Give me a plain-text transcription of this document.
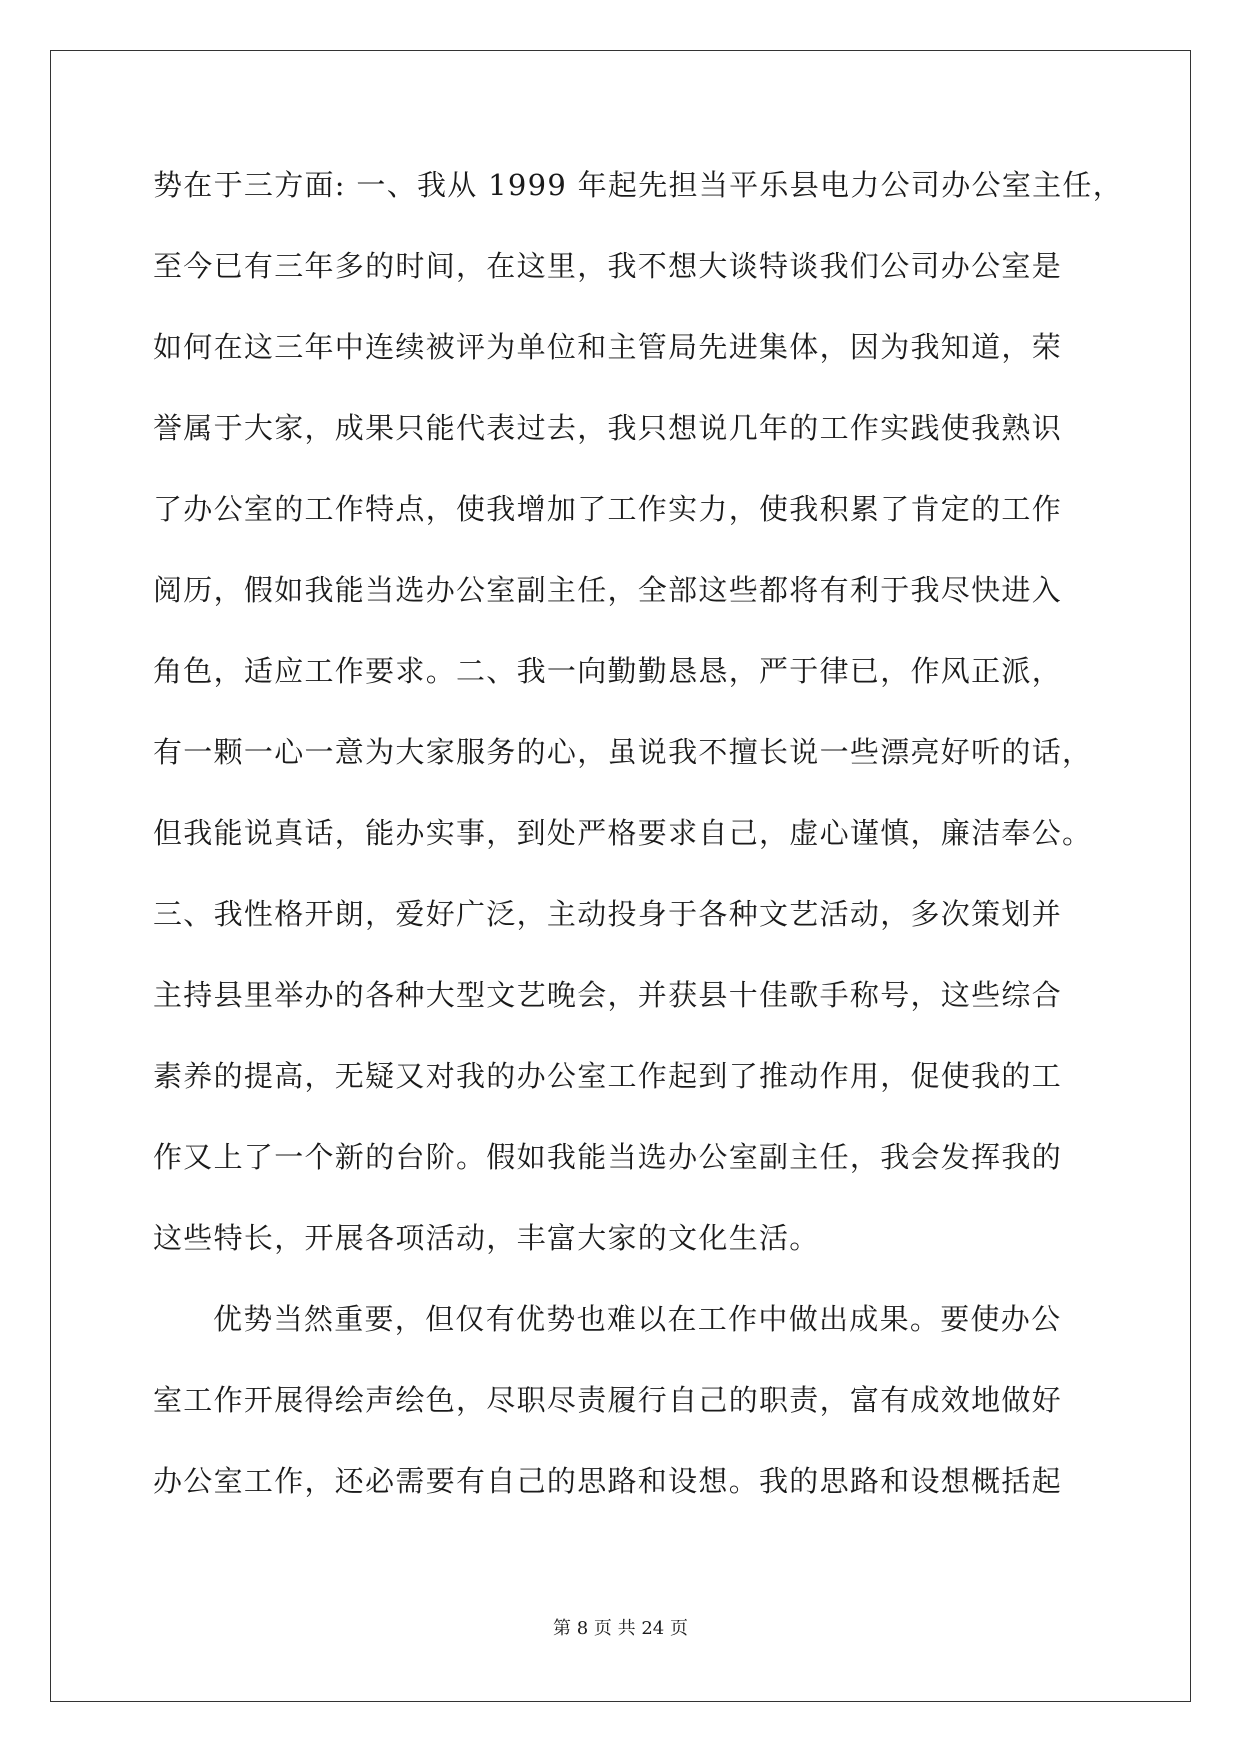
势在于三方面: 一、我从 1999 年起先担当平乐县电力公司办公室主任，
至今已有三年多的时间，在这里，我不想大谈特谈我们公司办公室是
如何在这三年中连续被评为单位和主管局先进集体，因为我知道，荣
誉属于大家，成果只能代表过去，我只想说几年的工作实践使我熟识
了办公室的工作特点，使我增加了工作实力，使我积累了肯定的工作
阅历，假如我能当选办公室副主任，全部这些都将有利于我尽快进入
角色，适应工作要求。二、我一向勤勤恳恳，严于律已，作风正派，
有一颗一心一意为大家服务的心，虽说我不擅长说一些漂亮好听的话，
但我能说真话，能办实事，到处严格要求自己，虚心谨慎，廉洁奉公。
三、我性格开朗，爱好广泛，主动投身于各种文艺活动，多次策划并
主持县里举办的各种大型文艺晚会，并获县十佳歌手称号，这些综合
素养的提高，无疑又对我的办公室工作起到了推动作用，促使我的工
作又上了一个新的台阶。假如我能当选办公室副主任，我会发挥我的
这些特长，开展各项活动，丰富大家的文化生活。
优势当然重要，但仅有优势也难以在工作中做出成果。要使办公
室工作开展得绘声绘色，尽职尽责履行自己的职责，富有成效地做好
办公室工作，还必需要有自己的思路和设想。我的思路和设想概括起
第 8 页 共 24 页
